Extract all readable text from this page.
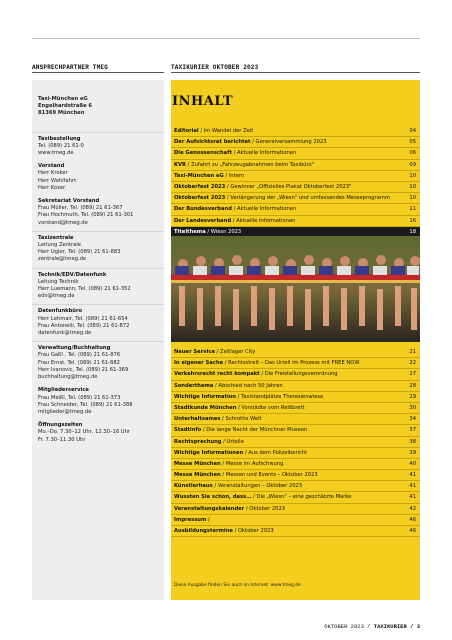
ANSPRECHPARTNER TMEG	TAXIKURIER OKTOBER 2023
Taxi-München eG
Engelhardstraße 6
81369 München
Taxibestellung
Tel. (089) 21 61-0
www.tmeg.de
Vorstand
Herr Kroker
Herr Wohlfahrt
Herr Kozer
Sekretariat Vorstand
Frau Müller, Tel. (089) 21 61-367
Frau Hochmuth, Tel. (089) 21 61-301
vorstand@tmeg.de
Taxizentrale
Leitung Zentrale
Herr Ugler, Tel. (089) 21 61-883
zentrale@tmeg.de
Technik/EDV/Datenfunk
Leitung Technik
Herr Luemann, Tel. (089) 21 61-352
edv@tmeg.de
Datenfunkbüro
Herr Lehmair, Tel. (089) 21 61-654
Frau Antonelli, Tel. (089) 21 61-872
datenfunk@tmeg.de
Verwaltung/Buchhaltung
Frau Gaßl , Tel. (089) 21 61-876
Frau Ernst, Tel. (089) 21 61-882
Herr Ivanovic, Tel. (089) 21 61-369
buchhaltung@tmeg.de
Mitgliederservice
Frau Meißl, Tel. (089) 21 61-373
Frau Schneider, Tel. (089) 21 61-388
mitglieder@tmeg.de
Öffnungszeiten
Mo.–Do. 7.30–12 Uhr, 12.30–16 Uhr
Fr. 7.30–11.30 Uhr
INHALT
Editorial / Im Wandel der Zeit	04
Der Aufsichtsrat berichtet / Generalversammlung 2023	05
Die Genossenschaft / Aktuelle Informationen	06
KVR / Zufahrt zu „Fahrzeugabnahmen beim Taxibüro"	09
Taxi-München eG / Intern	10
Oktoberfest 2023 / Gewinner „Offizielles Plakat Oktoberfest 2023"	10
Oktoberfest 2023 / Verlängerung der „Wiesn" und umfassendes Messeprogramm	10
Der Bundesverband / Aktuelle Informationen	11
Der Landesverband / Aktuelle Informationen	16
Titelthema / Wiesn 2023	18
Neuer Service / Zeitlager City	21
In eigener Sache / Rechtsstreit – Das Urteil im Prozess mit FREE NOW	22
Verkehrsrecht recht kompakt / Die Freistellungsverordnung	27
Sonderthema / Abschied nach 50 Jahren	28
Wichtige Information / Taxistandplätze Theresienwiese	29
Stadtkunde München / Vorstädte vom Reißbrett	30
Unterhaltsames / Schrottis Welt	34
Stadtinfo / Die lange Nacht der Münchner Museen	37
Rechtsprechung / Urteile	38
Wichtige Informationen / Aus dem Polizeibericht	39
Messe München / Messe im Aufschwung	40
Messe München / Messen und Events – Oktober 2023	41
Künstlerhaus / Veranstaltungen – Oktober 2023	41
Wussten Sie schon, dass… / Die „Wiesn" – eine geschätzte Marke	41
Veranstaltungskalender / Oktober 2023	42
Impressum /	46
Ausbildungstermine / Oktober 2023	46
Diese Ausgabe finden Sie auch im Internet: www.tmeg.de
OKTOBER 2023 / TAXIKURIER / 3
